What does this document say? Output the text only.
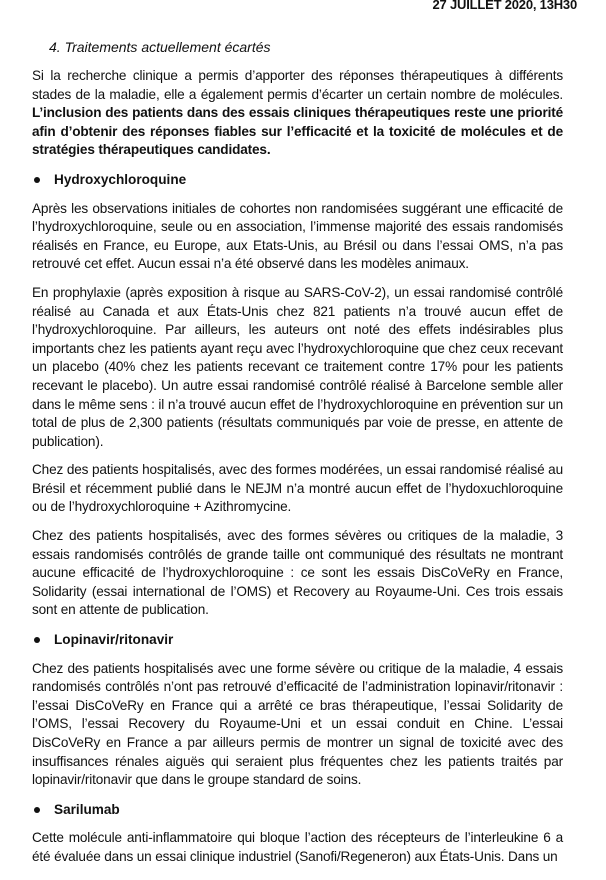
27 JUILLET 2020, 13H30
4. Traitements actuellement écartés

Si la recherche clinique a permis d’apporter des réponses thérapeutiques à différents stades de la maladie, elle a également permis d’écarter un certain nombre de molécules. L’inclusion des patients dans des essais cliniques thérapeutiques reste une priorité afin d’obtenir des réponses fiables sur l’efficacité et la toxicité de molécules et de stratégies thérapeutiques candidates.

Hydroxychloroquine

Après les observations initiales de cohortes non randomisées suggérant une efficacité de l’hydroxychloroquine, seule ou en association, l’immense majorité des essais randomisés réalisés en France, eu Europe, aux Etats-Unis, au Brésil ou dans l’essai OMS, n’a pas retrouvé cet effet. Aucun essai n’a été observé dans les modèles animaux.

En prophylaxie (après exposition à risque au SARS-CoV-2), un essai randomisé contrôlé réalisé au Canada et aux États-Unis chez 821 patients n’a trouvé aucun effet de l’hydroxychloroquine. Par ailleurs, les auteurs ont noté des effets indésirables plus importants chez les patients ayant reçu avec l’hydroxychloroquine que chez ceux recevant un placebo (40% chez les patients recevant ce traitement contre 17% pour les patients recevant le placebo). Un autre essai randomisé contrôlé réalisé à Barcelone semble aller dans le même sens : il n’a trouvé aucun effet de l’hydroxychloroquine en prévention sur un total de plus de 2,300 patients (résultats communiqués par voie de presse, en attente de publication).

Chez des patients hospitalisés, avec des formes modérées, un essai randomisé réalisé au Brésil et récemment publié dans le NEJM n’a montré aucun effet de l’hydoxuchloroquine ou de l’hydroxychloroquine + Azithromycine.

Chez des patients hospitalisés, avec des formes sévères ou critiques de la maladie, 3 essais randomisés contrôlés de grande taille ont communiqué des résultats ne montrant aucune efficacité de l’hydroxychloroquine : ce sont les essais DisCoVeRy en France, Solidarity (essai international de l’OMS) et Recovery au Royaume-Uni. Ces trois essais sont en attente de publication.

Lopinavir/ritonavir

Chez des patients hospitalisés avec une forme sévère ou critique de la maladie, 4 essais randomisés contrôlés n’ont pas retrouvé d’efficacité de l’administration lopinavir/ritonavir : l’essai DisCoVeRy en France qui a arrêté ce bras thérapeutique, l’essai Solidarity de l’OMS, l’essai Recovery du Royaume-Uni et un essai conduit en Chine. L’essai DisCoVeRy en France a par ailleurs permis de montrer un signal de toxicité avec des insuffisances rénales aiguës qui seraient plus fréquentes chez les patients traités par lopinavir/ritonavir que dans le groupe standard de soins.

Sarilumab

Cette molécule anti-inflammatoire qui bloque l’action des récepteurs de l’interleukine 6 a été évaluée dans un essai clinique industriel (Sanofi/Regeneron) aux États-Unis. Dans un
